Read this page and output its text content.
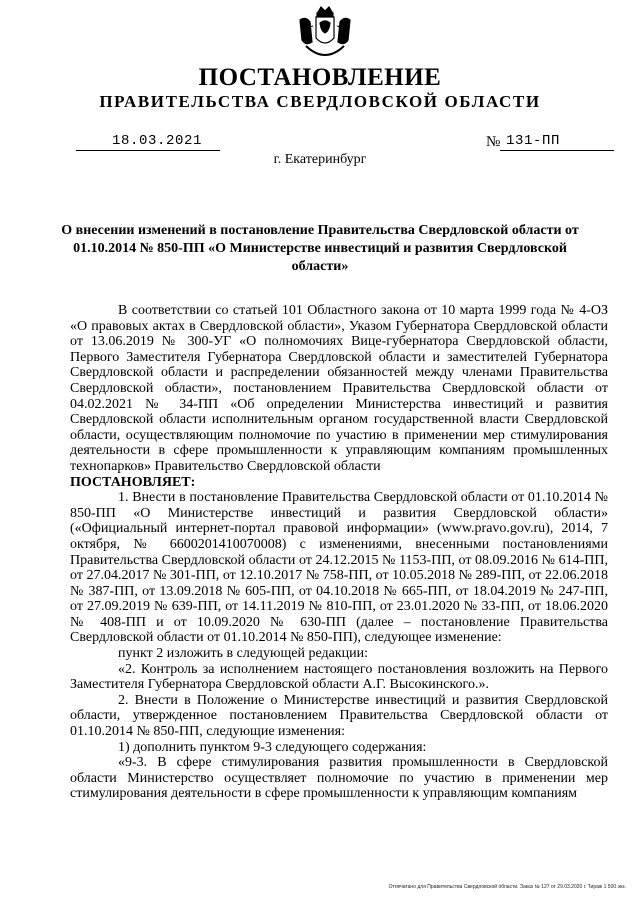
ПОСТАНОВЛЕНИЕ
ПРАВИТЕЛЬСТВА СВЕРДЛОВСКОЙ ОБЛАСТИ
18.03.2021	№ 131-ПП
г. Екатеринбург
О внесении изменений в постановление Правительства Свердловской области от 01.10.2014 № 850-ПП «О Министерстве инвестиций и развития Свердловской области»

В соответствии со статьей 101 Областного закона от 10 марта 1999 года № 4-ОЗ «О правовых актах в Свердловской области», Указом Губернатора Свердловской области от 13.06.2019 № 300-УГ «О полномочиях Вице-губернатора Свердловской области, Первого Заместителя Губернатора Свердловской области и заместителей Губернатора Свердловской области и распределении обязанностей между членами Правительства Свердловской области», постановлением Правительства Свердловской области от 04.02.2021 № 34-ПП «Об определении Министерства инвестиций и развития Свердловской области исполнительным органом государственной власти Свердловской области, осуществляющим полномочие по участию в применении мер стимулирования деятельности в сфере промышленности к управляющим компаниям промышленных технопарков» Правительство Свердловской области

ПОСТАНОВЛЯЕТ:

1. Внести в постановление Правительства Свердловской области от 01.10.2014 № 850-ПП «О Министерстве инвестиций и развития Свердловской области» («Официальный интернет-портал правовой информации» (www.pravo.gov.ru), 2014, 7 октября, № 6600201410070008) с изменениями, внесенными постановлениями Правительства Свердловской области от 24.12.2015 № 1153-ПП, от 08.09.2016 № 614-ПП, от 27.04.2017 № 301-ПП, от 12.10.2017 № 758-ПП, от 10.05.2018 № 289-ПП, от 22.06.2018 № 387-ПП, от 13.09.2018 № 605-ПП, от 04.10.2018 № 665-ПП, от 18.04.2019 № 247-ПП, от 27.09.2019 № 639-ПП, от 14.11.2019 № 810-ПП, от 23.01.2020 № 33-ПП, от 18.06.2020 № 408-ПП и от 10.09.2020 № 630-ПП (далее – постановление Правительства Свердловской области от 01.10.2014 № 850-ПП), следующее изменение:

пункт 2 изложить в следующей редакции:

«2. Контроль за исполнением настоящего постановления возложить на Первого Заместителя Губернатора Свердловской области А.Г. Высокинского.».

2. Внести в Положение о Министерстве инвестиций и развития Свердловской области, утвержденное постановлением Правительства Свердловской области от 01.10.2014 № 850-ПП, следующие изменения:

1) дополнить пунктом 9-3 следующего содержания:

«9-3. В сфере стимулирования развития промышленности в Свердловской области Министерство осуществляет полномочие по участию в применении мер стимулирования деятельности в сфере промышленности к управляющим компаниям

Отпечатано для Правительства Свердловской области. Заказ № 127 от 29.03.2020 г. Тираж 1 500 экз.
